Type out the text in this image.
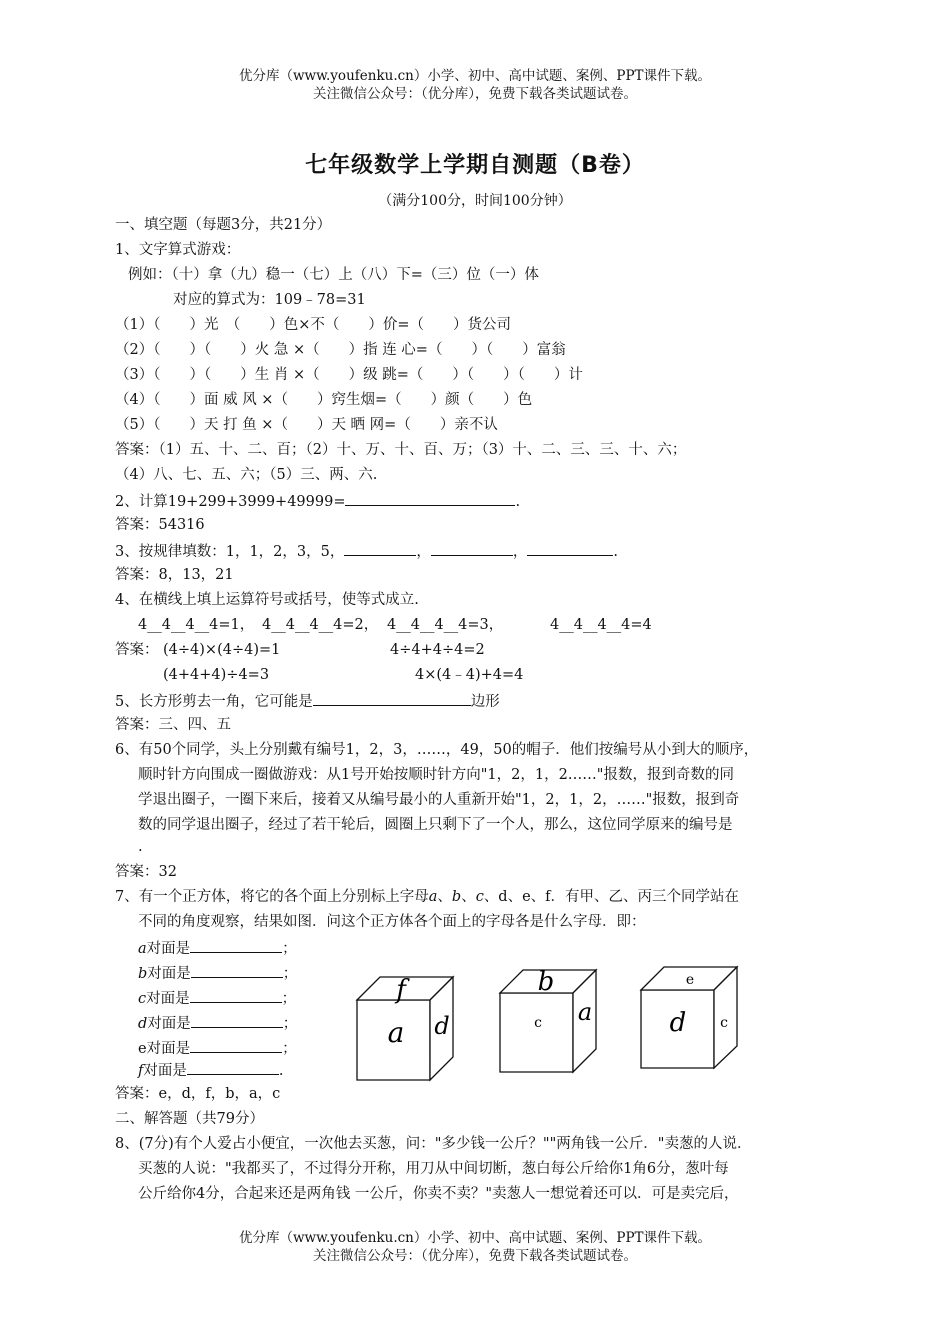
优分库（www.youfenku.cn）小学、初中、高中试题、案例、PPT课件下载。
关注微信公众号：（优分库），免费下载各类试题试卷。
七年级数学上学期自测题（B卷）
（满分100分，时间100分钟）
一、填空题（每题3分，共21分）
1、文字算式游戏：
例如：（十）拿（九）稳一（七）上（八）下=（三）位（一）体
对应的算式为：109﹣78=31
（1）（　　）光　（　　）色×不（　　）价=（　　）货公司
（2）（　　）（　　）火 急 ×（　　）指 连 心=（　　）（　　）富翁
（3）（　　）（　　）生 肖 ×（　　）级 跳=（　　）（　　）（　　）计
（4）（　　）面 威 风 ×（　　）窍生烟=（　　）颜（　　）色
（5）（　　）天 打 鱼 ×（　　）天 晒 网=（　　）亲不认
答案：（1）五、十、二、百；（2）十、万、十、百、万；（3）十、二、三、三、十、六；
（4）八、七、五、六；（5）三、两、六.
2、计算19+299+3999+49999=	.
答案：54316
3、按规律填数：1，1，2，3，5，	，	，	.
答案：8，13，21
4、在横线上填上运算符号或括号，使等式成立.
4__4__4__4=1， 4__4__4__4=2， 4__4__4__4=3，	4__4__4__4=4
答案： (4÷4)×(4÷4)=1	4÷4+4÷4=2
(4+4+4)÷4=3	4×(4﹣4)+4=4
5、长方形剪去一角，它可能是	边形
答案：三、四、五
6、有50个同学，头上分别戴有编号1，2，3，……，49，50的帽子．他们按编号从小到大的顺序，
顺时针方向围成一圈做游戏：从1号开始按顺时针方向"1，2，1，2……"报数，报到奇数的同
学退出圈子，一圈下来后，接着又从编号最小的人重新开始"1，2，1，2，……"报数，报到奇
数的同学退出圈子，经过了若干轮后，圆圈上只剩下了一个人，那么，这位同学原来的编号是
.
答案：32
7、有一个正方体，将它的各个面上分别标上字母a、b、c、d、e、f．有甲、乙、丙三个同学站在
不同的角度观察，结果如图．问这个正方体各个面上的字母各是什么字母．即：
a对面是	；
b对面是	；
c对面是	；
d对面是	；
e对面是	；
f对面是	.
f
a d
b
c a
e
d c
答案：e，d，f，b，a，c
二、解答题（共79分）
8、(7分)有个人爱占小便宜，一次他去买葱，问："多少钱一公斤？""两角钱一公斤．"卖葱的人说．
买葱的人说："我都买了，不过得分开称，用刀从中间切断，葱白每公斤给你1角6分，葱叶每
公斤给你4分，合起来还是两角钱 一公斤，你卖不卖？"卖葱人一想觉着还可以．可是卖完后，
优分库（www.youfenku.cn）小学、初中、高中试题、案例、PPT课件下载。
关注微信公众号：（优分库），免费下载各类试题试卷。
